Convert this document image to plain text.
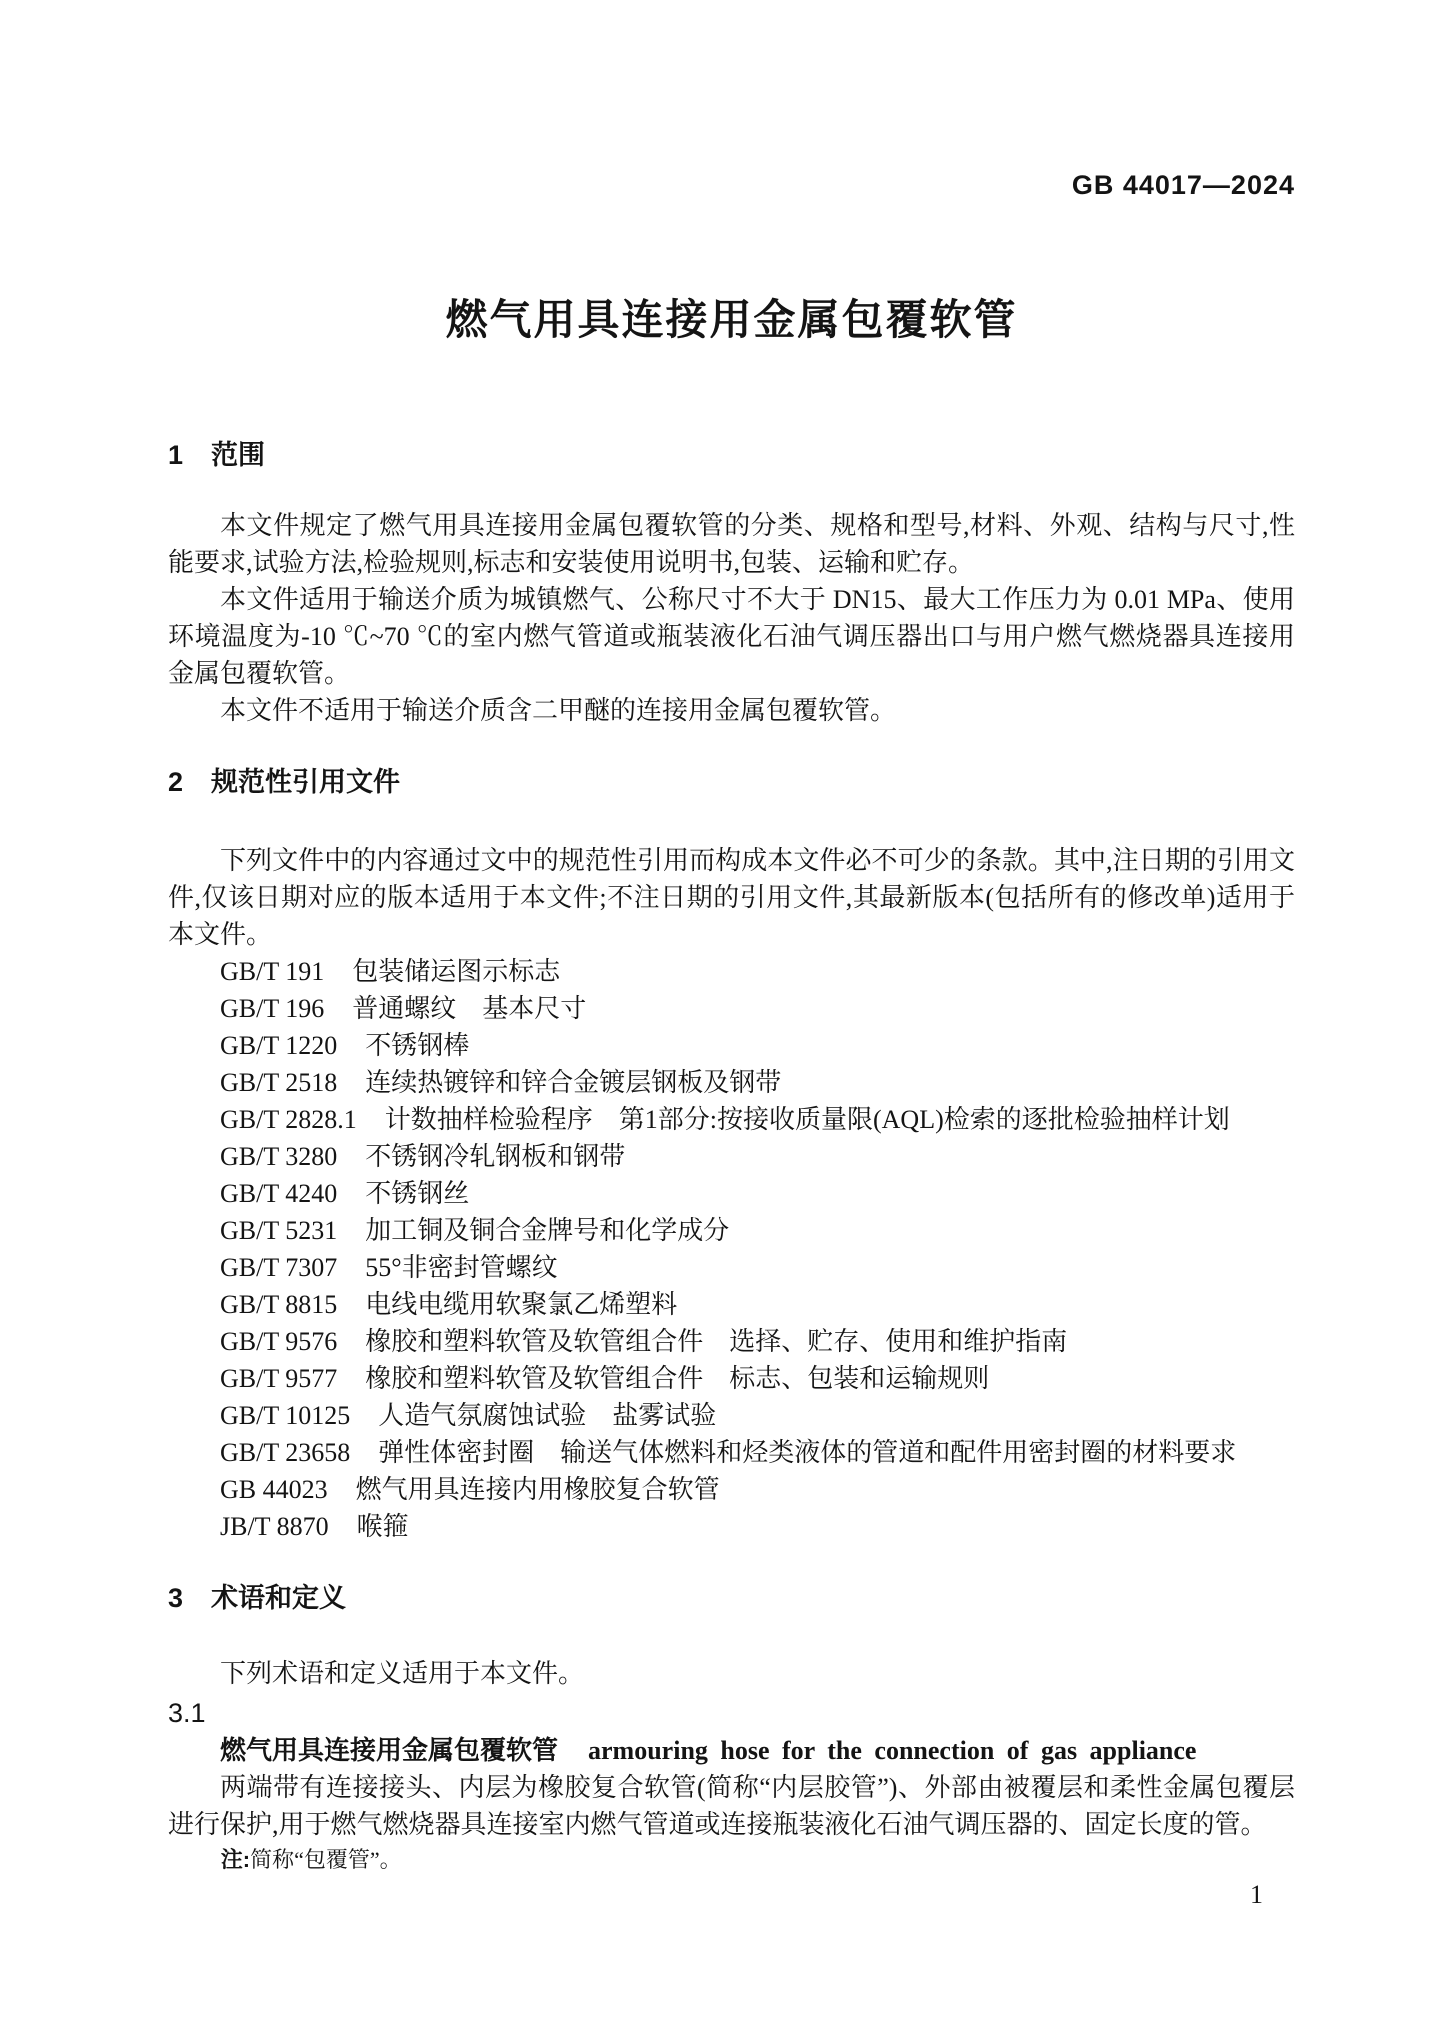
GB 44017—2024
燃气用具连接用金属包覆软管
1 范围

本文件规定了燃气用具连接用金属包覆软管的分类、规格和型号,材料、外观、结构与尺寸,性能要求,试验方法,检验规则,标志和安装使用说明书,包装、运输和贮存。

本文件适用于输送介质为城镇燃气、公称尺寸不大于 DN15、最大工作压力为 0.01 MPa、使用环境温度为-10 ℃~70 ℃的室内燃气管道或瓶装液化石油气调压器出口与用户燃气燃烧器具连接用金属包覆软管。

本文件不适用于输送介质含二甲醚的连接用金属包覆软管。

2 规范性引用文件

下列文件中的内容通过文中的规范性引用而构成本文件必不可少的条款。其中,注日期的引用文件,仅该日期对应的版本适用于本文件;不注日期的引用文件,其最新版本(包括所有的修改单)适用于本文件。

GB/T 191 包装储运图示标志
GB/T 196 普通螺纹　基本尺寸
GB/T 1220 不锈钢棒
GB/T 2518 连续热镀锌和锌合金镀层钢板及钢带
GB/T 2828.1 计数抽样检验程序　第1部分:按接收质量限(AQL)检索的逐批检验抽样计划
GB/T 3280 不锈钢冷轧钢板和钢带
GB/T 4240 不锈钢丝
GB/T 5231 加工铜及铜合金牌号和化学成分
GB/T 7307 55°非密封管螺纹
GB/T 8815 电线电缆用软聚氯乙烯塑料
GB/T 9576 橡胶和塑料软管及软管组合件　选择、贮存、使用和维护指南
GB/T 9577 橡胶和塑料软管及软管组合件　标志、包装和运输规则
GB/T 10125 人造气氛腐蚀试验　盐雾试验
GB/T 23658 弹性体密封圈　输送气体燃料和烃类液体的管道和配件用密封圈的材料要求
GB 44023 燃气用具连接内用橡胶复合软管
JB/T 8870 喉箍
3 术语和定义

下列术语和定义适用于本文件。

3.1
燃气用具连接用金属包覆软管 armouring hose for the connection of gas appliance

两端带有连接接头、内层为橡胶复合软管(简称“内层胶管”)、外部由被覆层和柔性金属包覆层进行保护,用于燃气燃烧器具连接室内燃气管道或连接瓶装液化石油气调压器的、固定长度的管。

注:简称“包覆管”。
1
